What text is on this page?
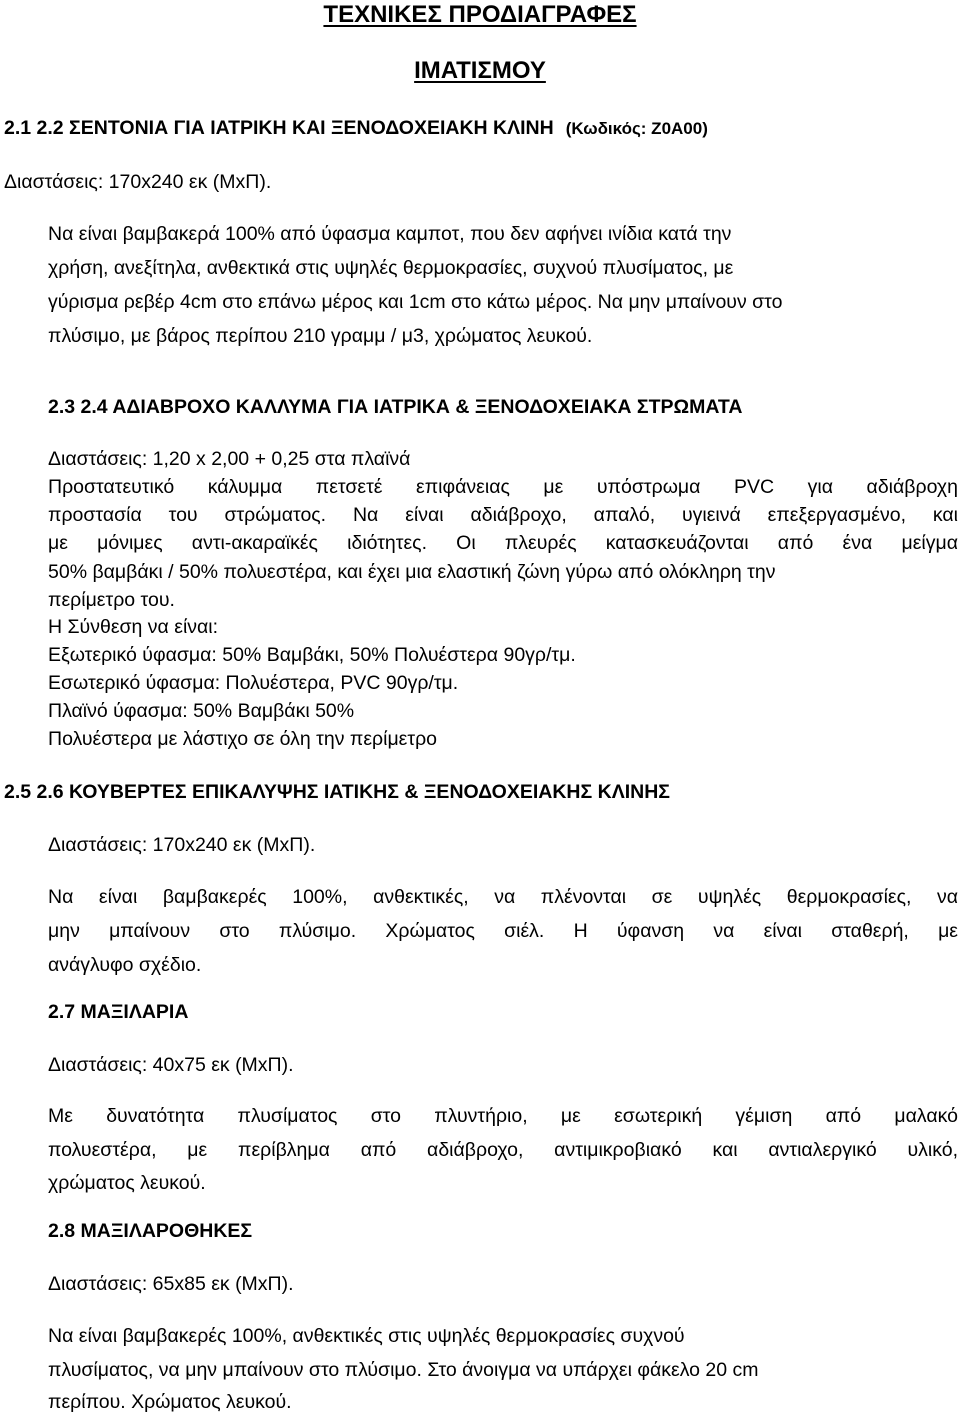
ΤΕΧΝΙΚΕΣ ΠΡΟΔΙΑΓΡΑΦΕΣ
ΙΜΑΤΙΣΜΟΥ
2.1 2.2 ΣΕΝΤΟΝΙΑ ΓΙΑ ΙΑΤΡΙΚΗ ΚΑΙ ΞΕΝΟΔΟΧΕΙΑΚΗ ΚΛΙΝΗ (Κωδικός: Ζ0Α00)
Διαστάσεις: 170x240 εκ (ΜxΠ).
Να είναι βαμβακερά 100% από ύφασμα καμποτ, που δεν αφήνει ινίδια κατά την
χρήση, ανεξίτηλα, ανθεκτικά στις υψηλές θερμοκρασίες, συχνού πλυσίματος, με
γύρισμα ρεβέρ 4cm στο επάνω μέρος και 1cm στο κάτω μέρος. Να μην μπαίνουν στο
πλύσιμο, με βάρος περίπου 210 γραμμ / μ3, χρώματος λευκού.
2.3 2.4 ΑΔΙΑΒΡΟΧΟ ΚΑΛΛΥΜΑ ΓΙΑ ΙΑΤΡΙΚΑ & ΞΕΝΟΔΟΧΕΙΑΚΑ ΣΤΡΩΜΑΤΑ
Διαστάσεις: 1,20 x 2,00 + 0,25 στα πλαϊνά
Προστατευτικό κάλυμμα πετσετέ επιφάνειας με υπόστρωμα PVC για αδιάβροχη
προστασία του στρώματος. Να είναι αδιάβροχο, απαλό, υγιεινά επεξεργασμένο, και
με μόνιμες αντι-ακαραϊκές ιδιότητες. Οι πλευρές κατασκευάζονται από ένα μείγμα
50% βαμβάκι / 50% πολυεστέρα, και έχει μια ελαστική ζώνη γύρω από ολόκληρη την
περίμετρο του.
Η Σύνθεση να είναι:
Εξωτερικό ύφασμα: 50% Βαμβάκι, 50% Πολυέστερα 90γρ/τμ.
Εσωτερικό ύφασμα: Πολυέστερα, PVC 90γρ/τμ.
Πλαϊνό ύφασμα: 50% Βαμβάκι 50%
Πολυέστερα με λάστιχο σε όλη την περίμετρο
2.5 2.6 ΚΟΥΒΕΡΤΕΣ ΕΠΙΚΑΛΥΨΗΣ ΙΑΤΙΚΗΣ & ΞΕΝΟΔΟΧΕΙΑΚΗΣ ΚΛΙΝΗΣ
Διαστάσεις: 170x240 εκ (ΜxΠ).
Να είναι βαμβακερές 100%, ανθεκτικές, να πλένονται σε υψηλές θερμοκρασίες, να
μην μπαίνουν στο πλύσιμο. Χρώματος σιέλ. Η ύφανση να είναι σταθερή, με
ανάγλυφο σχέδιο.
2.7 ΜΑΞΙΛΑΡΙΑ
Διαστάσεις: 40x75 εκ (ΜxΠ).
Με δυνατότητα πλυσίματος στο πλυντήριο, με εσωτερική γέμιση από μαλακό
πολυεστέρα, με περίβλημα από αδιάβροχο, αντιμικροβιακό και αντιαλεργικό υλικό,
χρώματος λευκού.
2.8 ΜΑΞΙΛΑΡΟΘΗΚΕΣ
Διαστάσεις: 65x85 εκ (ΜxΠ).
Να είναι βαμβακερές 100%, ανθεκτικές στις υψηλές θερμοκρασίες συχνού
πλυσίματος, να μην μπαίνουν στο πλύσιμο. Στο άνοιγμα να υπάρχει φάκελο 20 cm
περίπου. Χρώματος λευκού.
